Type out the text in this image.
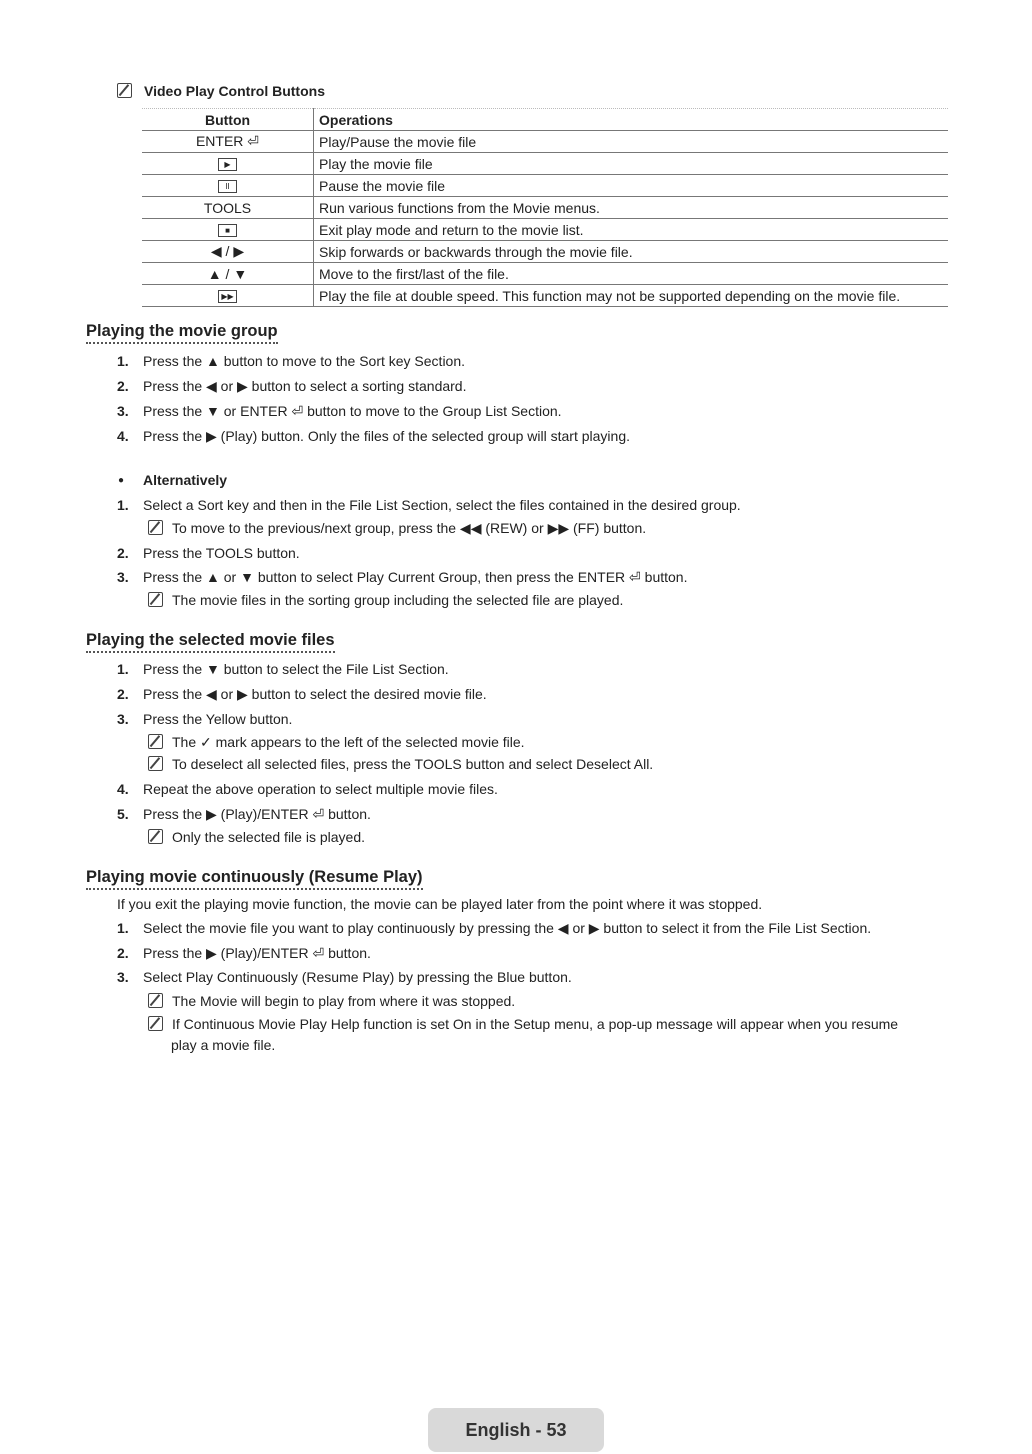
Video Play Control Buttons
Button	Operations
ENTER ⏎	Play/Pause the movie file
▶	Play the movie file
II	Pause the movie file
TOOLS	Run various functions from the Movie menus.
■	Exit play mode and return to the movie list.
◀ / ▶	Skip forwards or backwards through the movie file.
▲ / ▼	Move to the first/last of the file.
▶▶	Play the file at double speed. This function may not be supported depending on the movie file.
Playing the movie group
1. Press the ▲ button to move to the Sort key Section.
2. Press the ◀ or ▶ button to select a sorting standard.
3. Press the ▼ or ENTER ⏎ button to move to the Group List Section.
4. Press the ▶ (Play) button. Only the files of the selected group will start playing.
● Alternatively
1. Select a Sort key and then in the File List Section, select the files contained in the desired group.
To move to the previous/next group, press the ◀◀ (REW) or ▶▶ (FF) button.
2. Press the TOOLS button.
3. Press the ▲ or ▼ button to select Play Current Group, then press the ENTER ⏎ button.
The movie files in the sorting group including the selected file are played.
Playing the selected movie files
1. Press the ▼ button to select the File List Section.
2. Press the ◀ or ▶ button to select the desired movie file.
3. Press the Yellow button.
The ✓ mark appears to the left of the selected movie file.
To deselect all selected files, press the TOOLS button and select Deselect All.
4. Repeat the above operation to select multiple movie files.
5. Press the ▶ (Play)/ENTER ⏎ button.
Only the selected file is played.
Playing movie continuously (Resume Play)
If you exit the playing movie function, the movie can be played later from the point where it was stopped.
1. Select the movie file you want to play continuously by pressing the ◀ or ▶ button to select it from the File List Section.
2. Press the ▶ (Play)/ENTER ⏎ button.
3. Select Play Continuously (Resume Play) by pressing the Blue button.
The Movie will begin to play from where it was stopped.
If Continuous Movie Play Help function is set On in the Setup menu, a pop-up message will appear when you resume
play a movie file.
English - 53
